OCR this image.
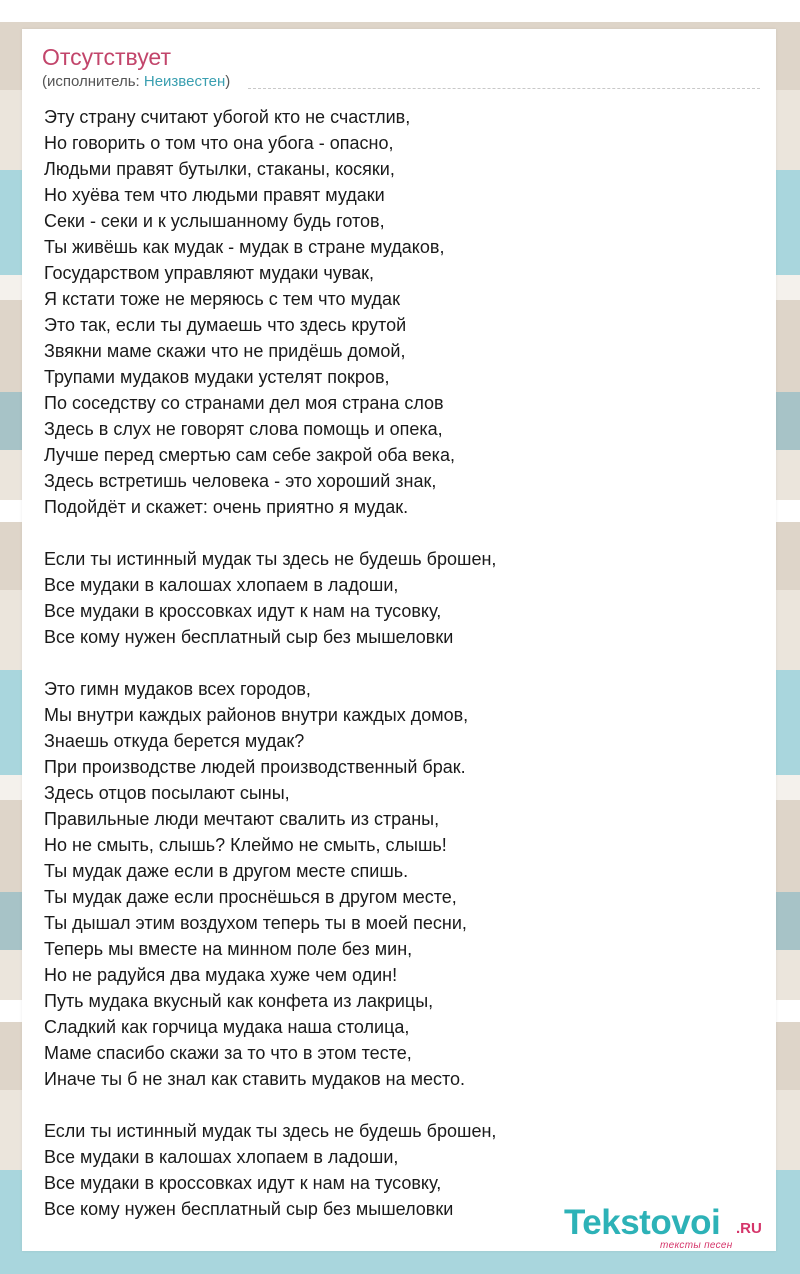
Отсутствует
(исполнитель: Неизвестен)
Эту страну считают убогой кто не счастлив,
Но говорить о том что она убога - опасно,
Людьми правят бутылки, стаканы, косяки,
Но хуёва тем что людьми правят мудаки
Секи - секи и к услышанному будь готов,
Ты живёшь как мудак - мудак в стране мудаков,
Государством управляют мудаки чувак,
Я кстати тоже не меряюсь с тем что мудак
Это так, если ты думаешь что здесь крутой
Звякни маме скажи что не придёшь домой,
Трупами мудаков мудаки устелят покров,
По соседству со странами дел моя страна слов
Здесь в слух не говорят слова помощь и опека,
Лучше перед смертью сам себе закрой оба века,
Здесь встретишь человека - это хороший знак,
Подойдёт и скажет: очень приятно я мудак.
Если ты истинный мудак ты здесь не будешь брошен,
Все мудаки в калошах хлопаем в ладоши,
Все мудаки в кроссовках идут к нам на тусовку,
Все кому нужен бесплатный сыр без мышеловки
Это гимн мудаков всех городов,
Мы внутри каждых районов внутри каждых домов,
Знаешь откуда берется мудак?
При производстве людей производственный брак.
Здесь отцов посылают сыны,
Правильные люди мечтают свалить из страны,
Но не смыть, слышь? Клеймо не смыть, слышь!
Ты мудак даже если в другом месте спишь.
Ты мудак даже если проснёшься в другом месте,
Ты дышал этим воздухом теперь ты в моей песни,
Теперь мы вместе на минном поле без мин,
Но не радуйся два мудака хуже чем один!
Путь мудака вкусный как конфета из лакрицы,
Сладкий как горчица мудака наша столица,
Маме спасибо скажи за то что в этом тесте,
Иначе ты б не знал как ставить мудаков на место.
Если ты истинный мудак ты здесь не будешь брошен,
Все мудаки в калошах хлопаем в ладоши,
Все мудаки в кроссовках идут к нам на тусовку,
Все кому нужен бесплатный сыр без мышеловки	Tekstovoi .RU
тексты песен
